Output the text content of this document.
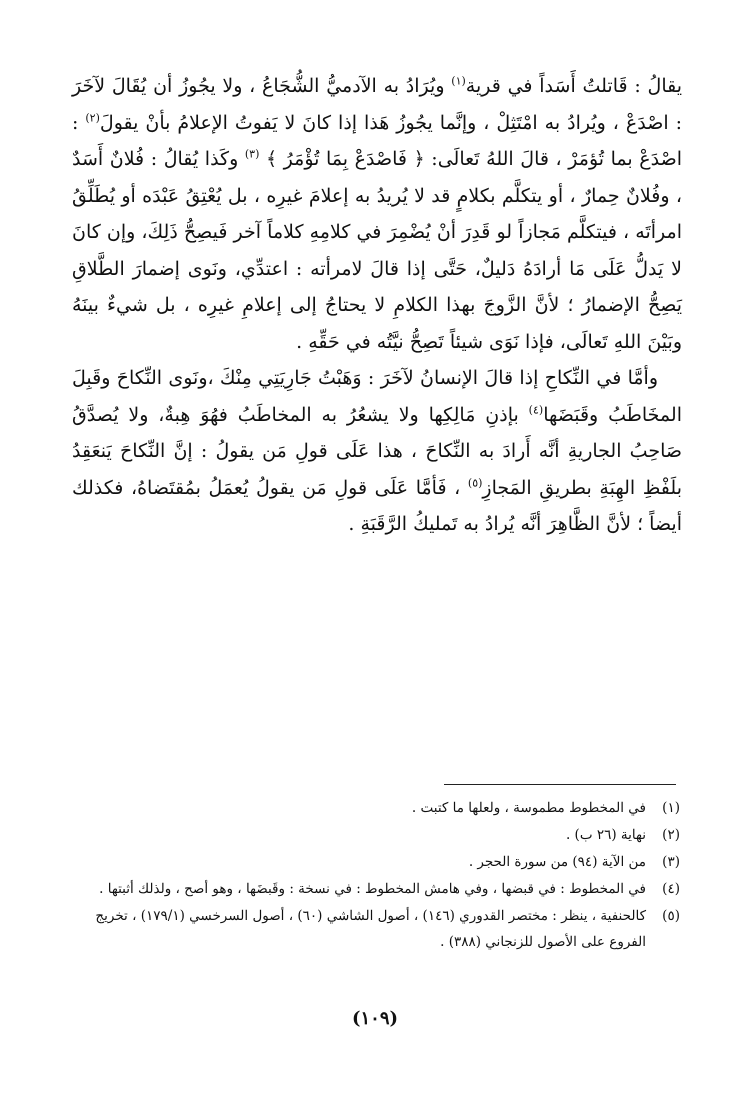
يقالُ : قَاتلتُ أَسَداً في قرية$^{(١)}$ ويُرَادُ به الآدميُّ الشُّجَاعُ ، ولا يجُوزُ أن يُقَالَ لآخَرَ : اصْدَعْ ، ويُرادُ به امْتَثِلْ ، وإنَّما يجُوزُ هَذا إذا كانَ لا يَفوتُ الإعلامُ بأنْ يقولَ$^{(٢)}$ : اصْدَعْ بما تُؤمَرْ ، قالَ اللهُ تَعالَى: ﴿ فَاصْدَعْ بِمَا تُؤْمَرُ ﴾ $^{(٣)}$ وكَذا يُقالُ : فُلانٌ أَسَدٌ ، وفُلانٌ حِمارٌ ، أو يتكلَّم بكلامٍ قد لا يُريدُ به إعلامَ غيرِه ، بل يُعْتِقُ عَبْدَه أو يُطَلِّقُ امرأتَه ، فيتكلَّم مَجازاً لو قَدِرَ أنْ يُضْمِرَ في كلامِهِ كلاماً آخر فَيصِحُّ ذَلِكَ، وإن كانَ لا يَدلُّ عَلَى مَا أرادَهُ دَليلٌ، حَتَّى إذا قالَ لامرأته : اعتدِّي، ونَوى إضمارَ الطَّلاقِ يَصِحُّ الإضمارُ ؛ لأنَّ الزَّوجَ بهذا الكلامِ لا يحتاجُ إلى إعلامِ غيرِه ، بل شيءٌ بينَهُ وبَيْنَ اللهِ تَعالَى، فإذا نَوَى شيئاً تَصِحُّ نيَّتُه في حَقِّهِ .

وأمَّا في النِّكاحِ إذا قالَ الإنسانُ لآخَرَ : وَهَبْتُ جَارِيَتِي مِنْكَ ،ونَوى النِّكاحَ وقَبِلَ المخَاطَبُ وقَبَضَها$^{(٤)}$ بإذنِ مَالِكِها ولا يشعُرُ به المخاطَبُ فهُوَ هِبةٌ، ولا يُصدَّقُ صَاحِبُ الجاريةِ أنَّه أَرادَ به النِّكاحَ ، هذا عَلَى قولِ مَن يقولُ : إنَّ النِّكاحَ يَنعَقِدُ بلَفْظِ الهِبَةِ بطريقِ المَجازِ$^{(٥)}$ ، فَأمَّا عَلَى قولِ مَن يقولُ يُعمَلُ بمُقتَضاهُ، فكذلك أيضاً ؛ لأنَّ الظَّاهِرَ أنَّه يُرادُ به تَمليكُ الرَّقَبَةِ .

(١)
في المخطوط مطموسة ، ولعلها ما كتبت .
(٢)
نهاية (٢٦ ب) .
(٣)
من الآية (٩٤) من سورة الحجر .
(٤)
في المخطوط : في قبضها ، وفي هامش المخطوط : في نسخة : وقَبضَها ، وهو أصح ، ولذلك أثبتها .
(٥)
كالحنفية ، ينظر : مختصر القدوري (١٤٦) ، أصول الشاشي (٦٠) ، أصول السرخسي (١٧٩/١) ، تخريج الفروع على الأصول للزنجاني (٣٨٨) .
(١٠٩)
